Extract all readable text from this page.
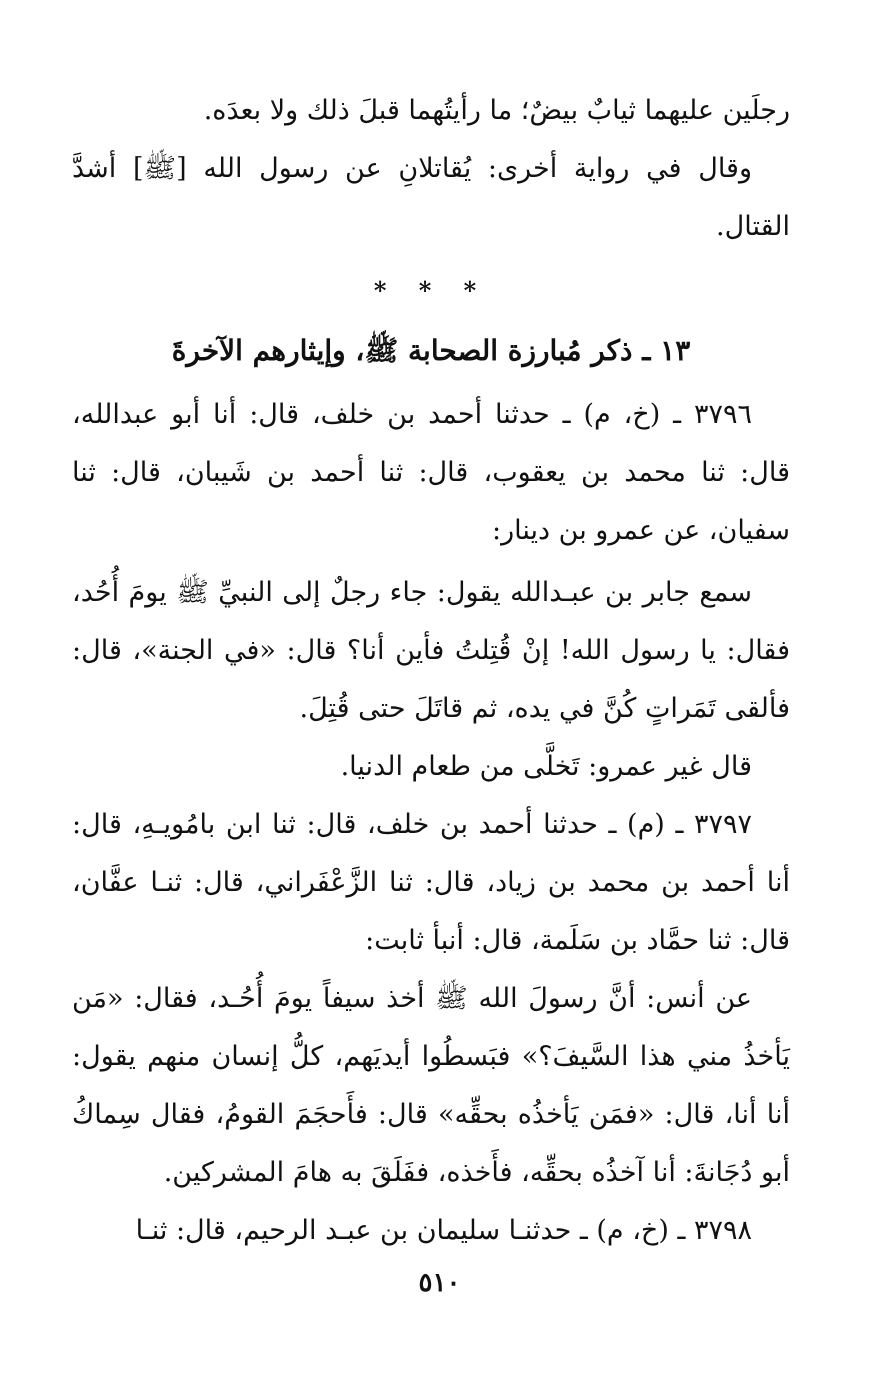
رجلَين عليهما ثيابٌ بيضٌ؛ ما رأيتُهما قبلَ ذلك ولا بعدَه.

وقال في رواية أخرى: يُقاتلانِ عن رسول الله [ﷺ] أشدَّ القتال.

* * *
١٣ ـ ذكر مُبارزة الصحابة ﷺ، وإيثارهم الآخرةَ

٣٧٩٦ ـ (خ، م) ـ حدثنا أحمد بن خلف، قال: أنا أبو عبدالله، قال: ثنا محمد بن يعقوب، قال: ثنا أحمد بن شَيبان، قال: ثنا سفيان، عن عمرو بن دينار:

سمع جابر بن عبـدالله يقول: جاء رجلٌ إلى النبيِّ ﷺ يومَ أُحُد، فقال: يا رسول الله! إنْ قُتِلتُ فأين أنا؟ قال: «في الجنة»، قال: فألقى تَمَراتٍ كُنَّ في يده، ثم قاتَلَ حتى قُتِلَ.

قال غير عمرو: تَخلَّى من طعام الدنيا.

٣٧٩٧ ـ (م) ـ حدثنا أحمد بن خلف، قال: ثنا ابن بامُويـهِ، قال: أنا أحمد بن محمد بن زياد، قال: ثنا الزَّعْفَراني، قال: ثنـا عفَّان، قال: ثنا حمَّاد بن سَلَمة، قال: أنبأ ثابت:

عن أنس: أنَّ رسولَ الله ﷺ أخذ سيفاً يومَ أُحُـد، فقال: «مَن يَأخذُ مني هذا السَّيفَ؟» فبَسطُوا أيديَهم، كلُّ إنسان منهم يقول: أنا أنا، قال: «فمَن يَأخذُه بحقِّه» قال: فأَحجَمَ القومُ، فقال سِماكُ أبو دُجَانةَ: أنا آخذُه بحقِّه، فأَخذه، ففَلَقَ به هامَ المشركين.

٣٧٩٨ ـ (خ، م) ـ حدثنـا سليمان بن عبـد الرحيم، قال: ثنـا

٥١٠
